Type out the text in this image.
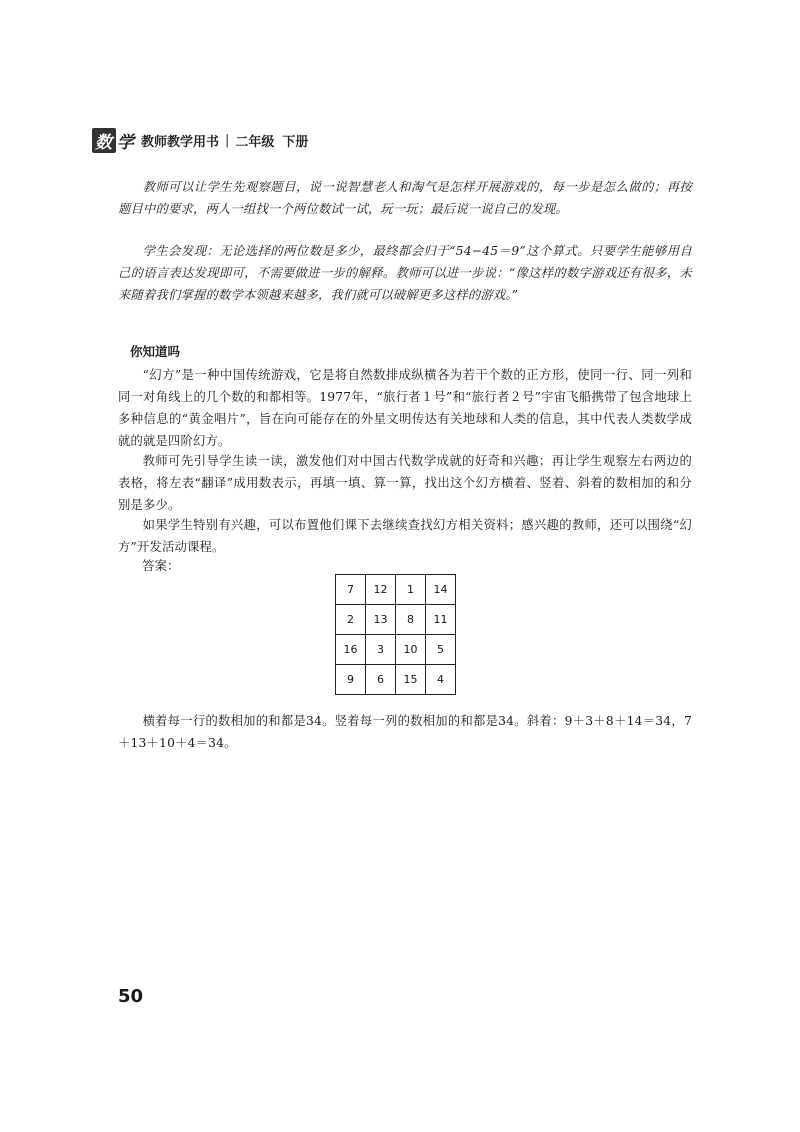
数 学 教师教学用书 | 二年级 下册

教师可以让学生先观察题目，说一说智慧老人和淘气是怎样开展游戏的，每一步是怎么做的；再按题目中的要求，两人一组找一个两位数试一试，玩一玩；最后说一说自己的发现。

学生会发现：无论选择的两位数是多少，最终都会归于“54−45＝9”这个算式。只要学生能够用自己的语言表达发现即可，不需要做进一步的解释。教师可以进一步说：“像这样的数字游戏还有很多，未来随着我们掌握的数学本领越来越多，我们就可以破解更多这样的游戏。”

你知道吗

“幻方”是一种中国传统游戏，它是将自然数排成纵横各为若干个数的正方形，使同一行、同一列和同一对角线上的几个数的和都相等。1977年，“旅行者１号”和“旅行者２号”宇宙飞船携带了包含地球上多种信息的“黄金唱片”，旨在向可能存在的外星文明传达有关地球和人类的信息，其中代表人类数学成就的就是四阶幻方。

教师可先引导学生读一读，激发他们对中国古代数学成就的好奇和兴趣；再让学生观察左右两边的表格，将左表“翻译”成用数表示，再填一填、算一算，找出这个幻方横着、竖着、斜着的数相加的和分别是多少。

如果学生特别有兴趣，可以布置他们课下去继续查找幻方相关资料；感兴趣的教师，还可以围绕“幻方”开发活动课程。

答案：
7	12	1	14
2	13	8	11
16	3	10	5
9	6	15	4

横着每一行的数相加的和都是34。竖着每一列的数相加的和都是34。斜着：9＋3＋8＋14＝34，7＋13＋10＋4＝34。

50
